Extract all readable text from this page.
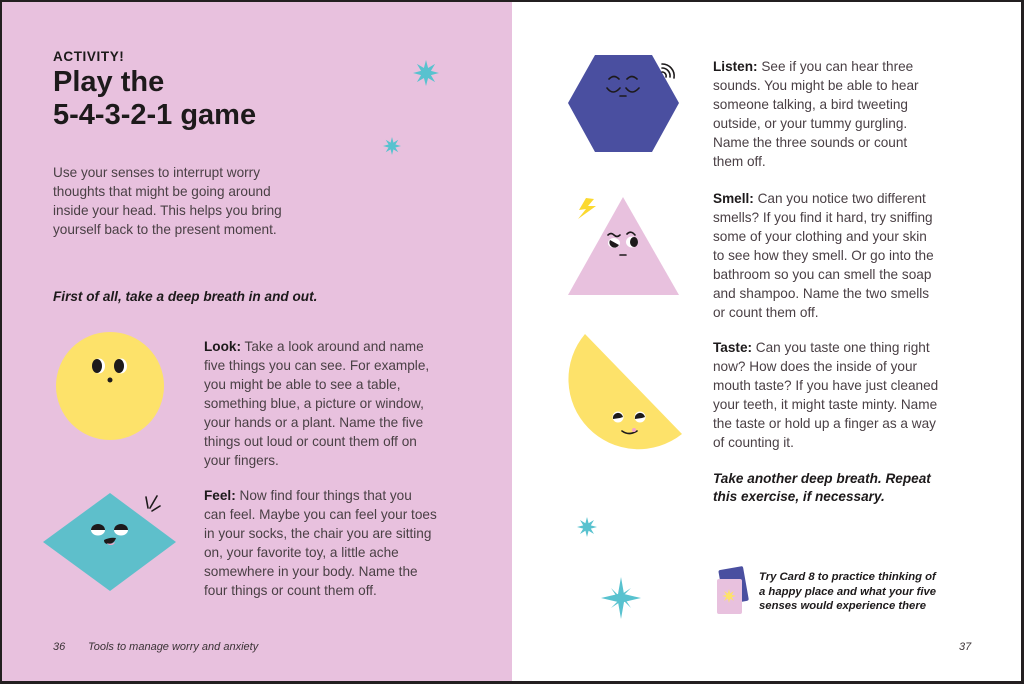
ACTIVITY!
Play the
5-4-3-2-1 game
Use your senses to interrupt worry
thoughts that might be going around
inside your head. This helps you bring
yourself back to the present moment.
First of all, take a deep breath in and out.
Look: Take a look around and name
five things you can see. For example,
you might be able to see a table,
something blue, a picture or window,
your hands or a plant. Name the five
things out loud or count them off on
your fingers.
Feel: Now find four things that you
can feel. Maybe you can feel your toes
in your socks, the chair you are sitting
on, your favorite toy, a little ache
somewhere in your body. Name the
four things or count them off.
36 Tools to manage worry and anxiety
Listen: See if you can hear three
sounds. You might be able to hear
someone talking, a bird tweeting
outside, or your tummy gurgling.
Name the three sounds or count
them off.
Smell: Can you notice two different
smells? If you find it hard, try sniffing
some of your clothing and your skin
to see how they smell. Or go into the
bathroom so you can smell the soap
and shampoo. Name the two smells
or count them off.
Taste: Can you taste one thing right
now? How does the inside of your
mouth taste? If you have just cleaned
your teeth, it might taste minty. Name
the taste or hold up a finger as a way
of counting it.
Take another deep breath. Repeat
this exercise, if necessary.
Try Card 8 to practice thinking of
a happy place and what your five
senses would experience there
37
